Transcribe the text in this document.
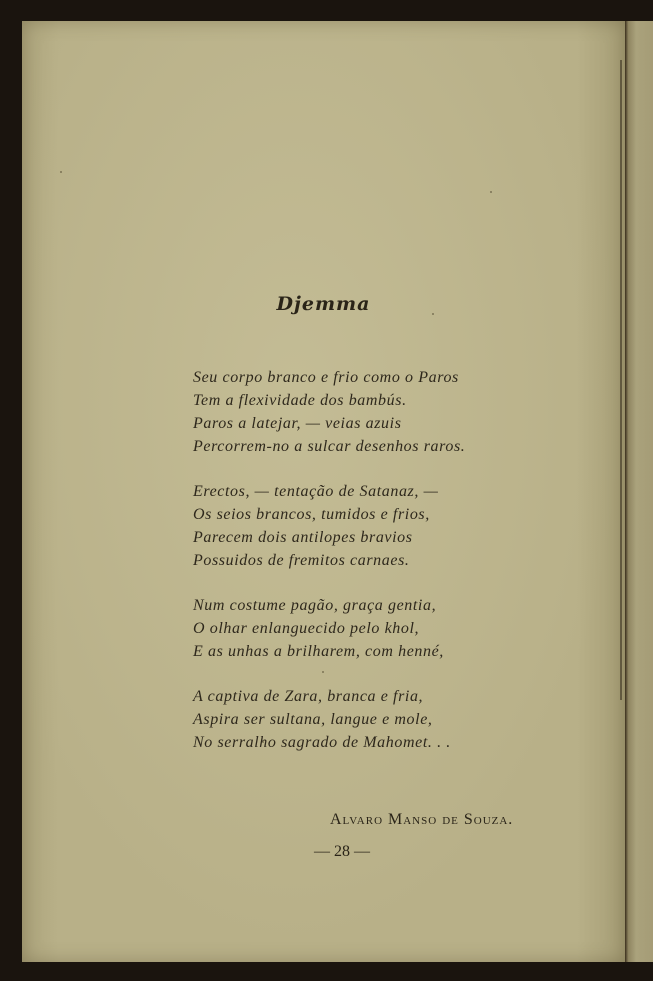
Djemma
Seu corpo branco e frio como o Paros
Tem a flexividade dos bambús.
Paros a latejar, — veias azuis
Percorrem-no a sulcar desenhos raros.
Erectos, — tentação de Satanaz, —
Os seios brancos, tumidos e frios,
Parecem dois antilopes bravios
Possuidos de fremitos carnaes.
Num costume pagão, graça gentia,
O olhar enlanguecido pelo khol,
E as unhas a brilharem, com henné,
A captiva de Zara, branca e fria,
Aspira ser sultana, langue e mole,
No serralho sagrado de Mahomet. . .
Alvaro Manso de Souza.
— 28 —
